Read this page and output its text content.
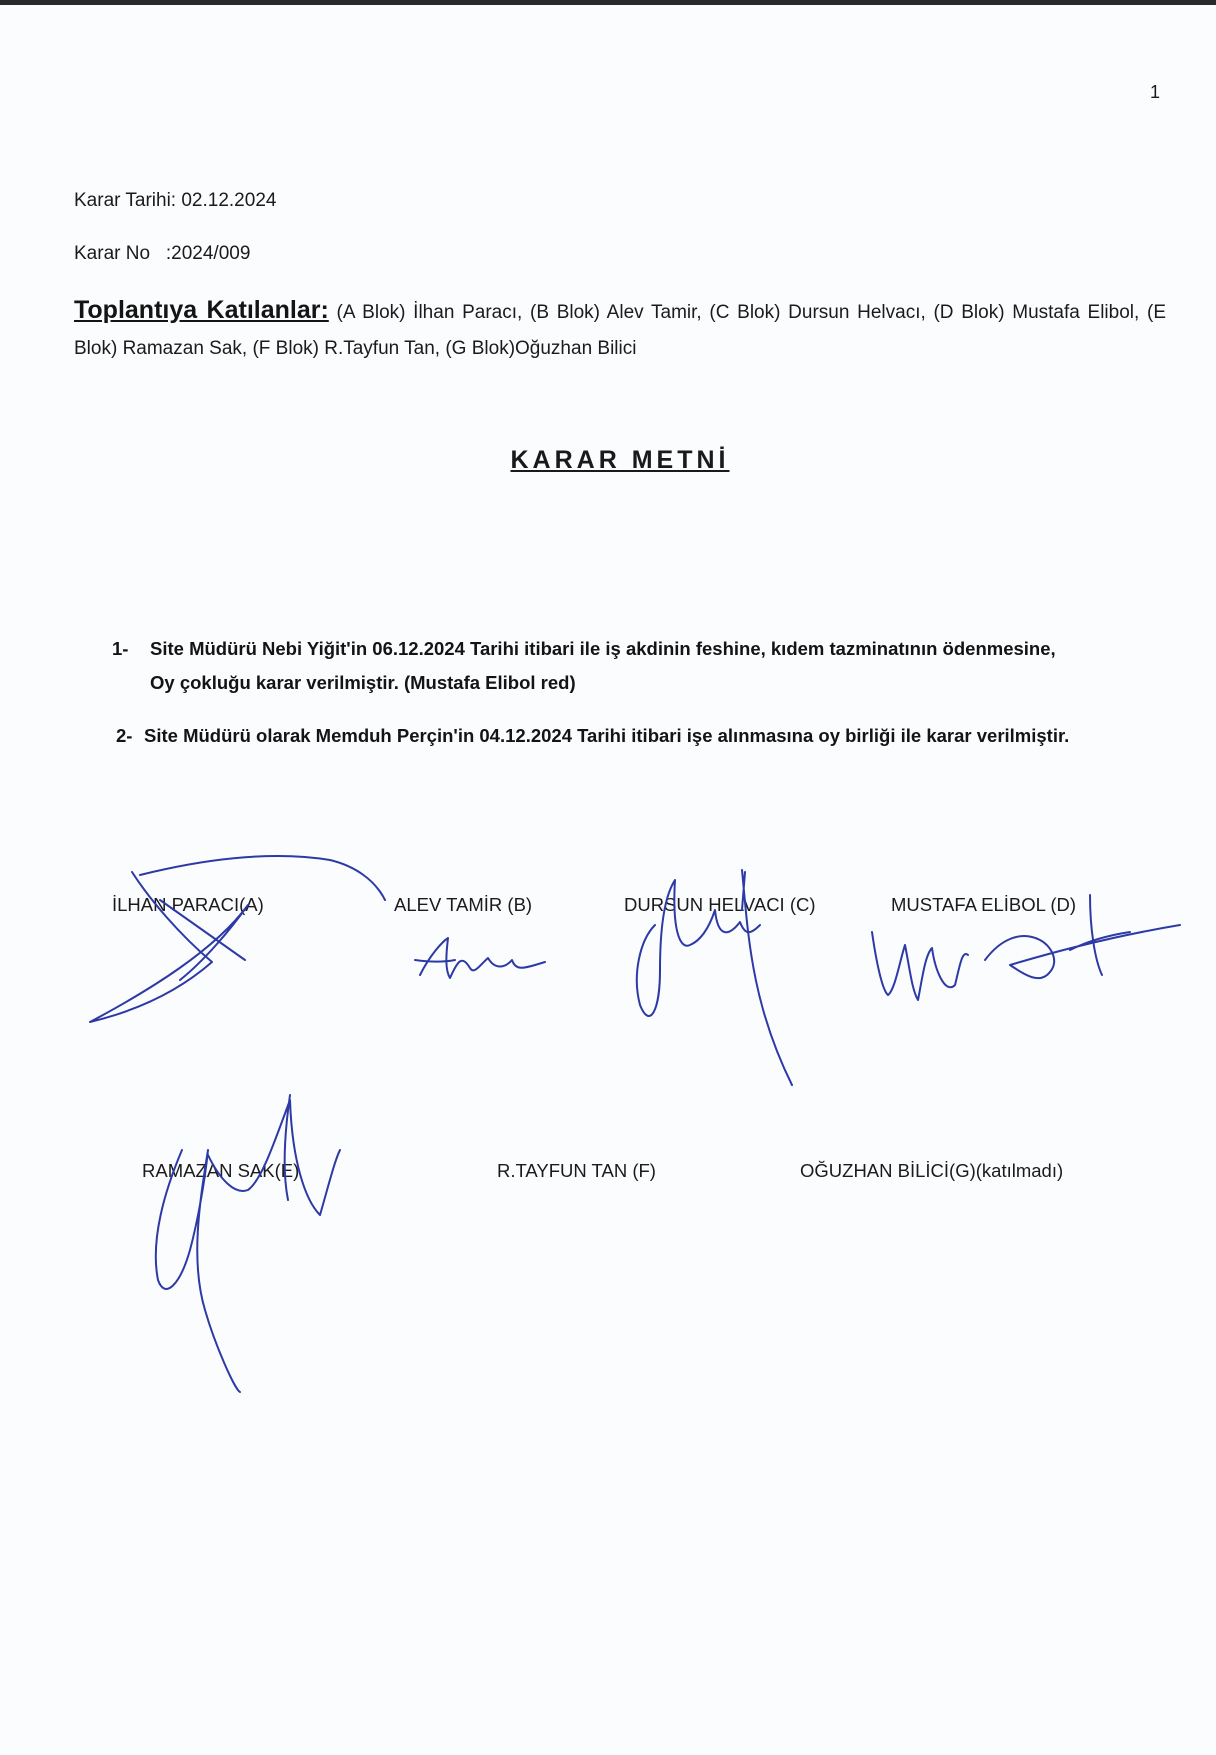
1
Karar Tarihi: 02.12.2024
Karar No   :2024/009
Toplantıya Katılanlar: (A Blok) İlhan Paracı, (B Blok) Alev Tamir, (C Blok) Dursun Helvacı, (D Blok) Mustafa Elibol, (E Blok) Ramazan Sak, (F Blok) R.Tayfun Tan, (G Blok)Oğuzhan Bilici
KARAR METNİ
1- Site Müdürü Nebi Yiğit'in 06.12.2024 Tarihi itibari ile iş akdinin feshine, kıdem tazminatının ödenmesine,
Oy çokluğu karar verilmiştir. (Mustafa Elibol red)
2- Site Müdürü olarak Memduh Perçin'in 04.12.2024 Tarihi itibari işe alınmasına oy birliği ile karar verilmiştir.
İLHAN PARACI(A)	ALEV TAMİR (B)	DURSUN HELVACI (C)	MUSTAFA ELİBOL (D)
RAMAZAN SAK(E)	R.TAYFUN TAN (F)	OĞUZHAN BİLİCİ(G)(katılmadı)
